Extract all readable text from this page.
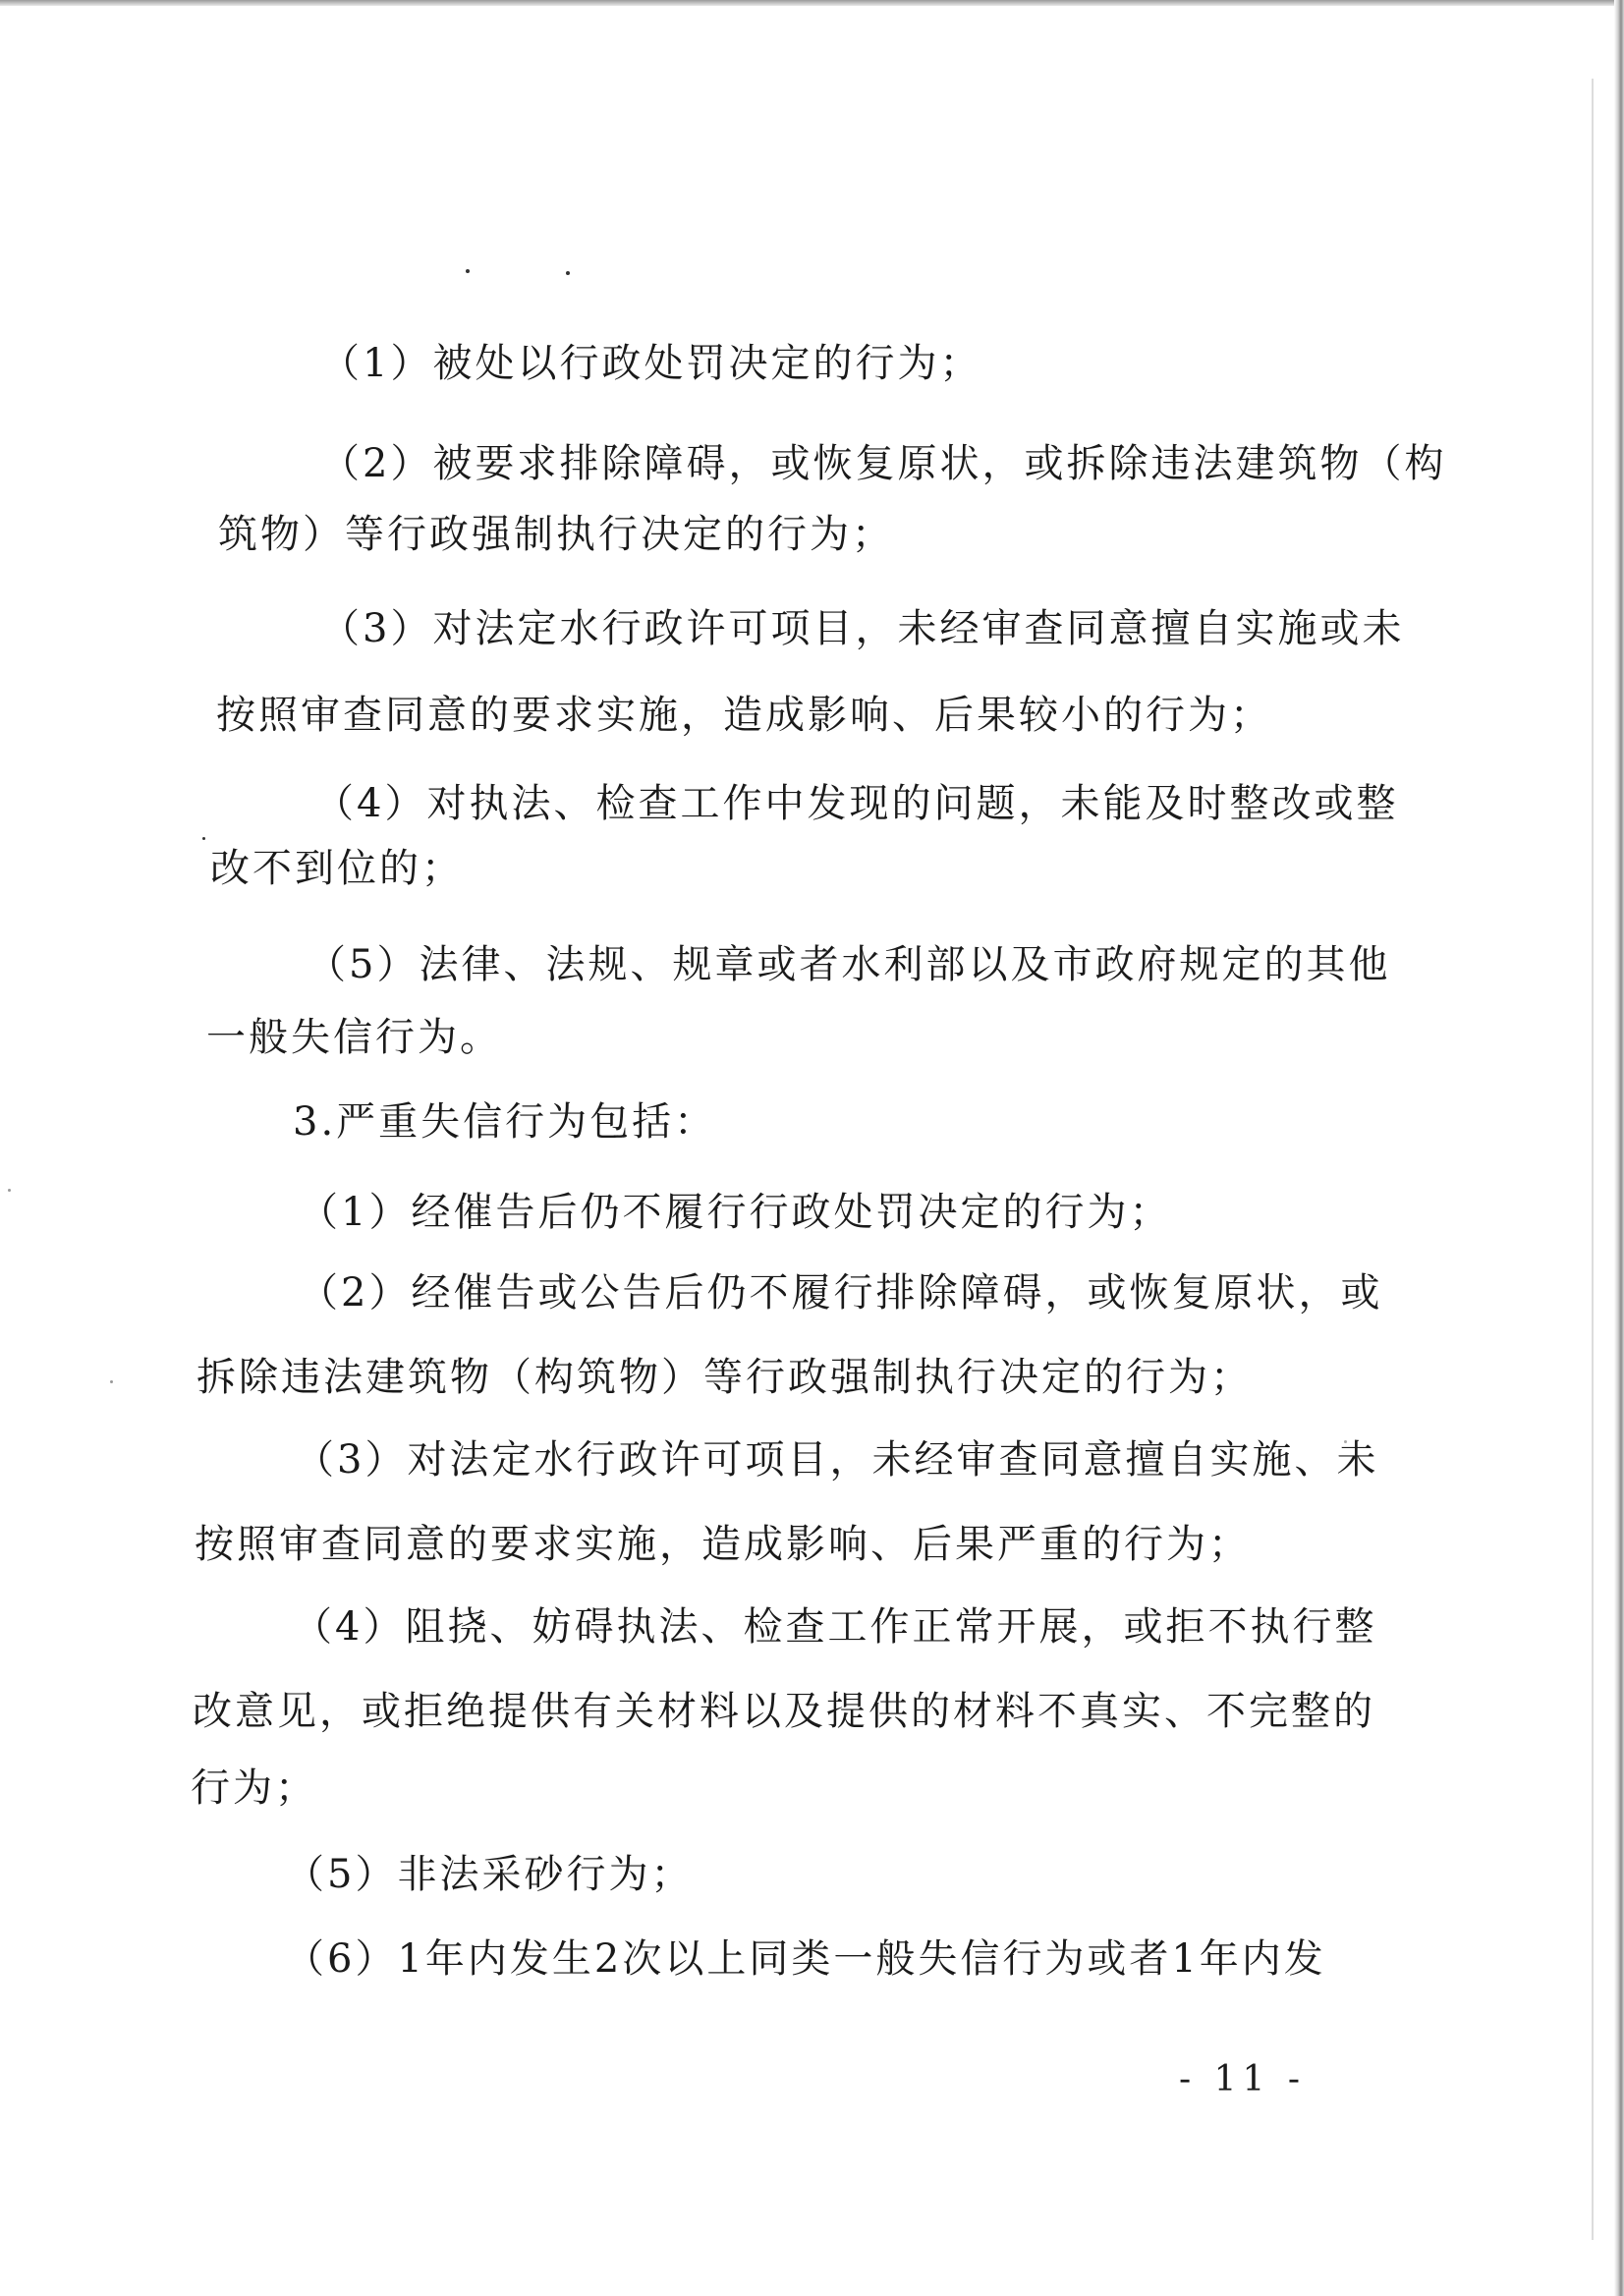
（1）被处以行政处罚决定的行为；
（2）被要求排除障碍，或恢复原状，或拆除违法建筑物（构
筑物）等行政强制执行决定的行为；
（3）对法定水行政许可项目，未经审查同意擅自实施或未
按照审查同意的要求实施，造成影响、后果较小的行为；
（4）对执法、检查工作中发现的问题，未能及时整改或整
改不到位的；
（5）法律、法规、规章或者水利部以及市政府规定的其他
一般失信行为。
3.严重失信行为包括：
（1）经催告后仍不履行行政处罚决定的行为；
（2）经催告或公告后仍不履行排除障碍，或恢复原状，或
拆除违法建筑物（构筑物）等行政强制执行决定的行为；
（3）对法定水行政许可项目，未经审查同意擅自实施、未
按照审查同意的要求实施，造成影响、后果严重的行为；
（4）阻挠、妨碍执法、检查工作正常开展，或拒不执行整
改意见，或拒绝提供有关材料以及提供的材料不真实、不完整的
行为；
（5）非法采砂行为；
（6）1年内发生2次以上同类一般失信行为或者1年内发
- 11 -
